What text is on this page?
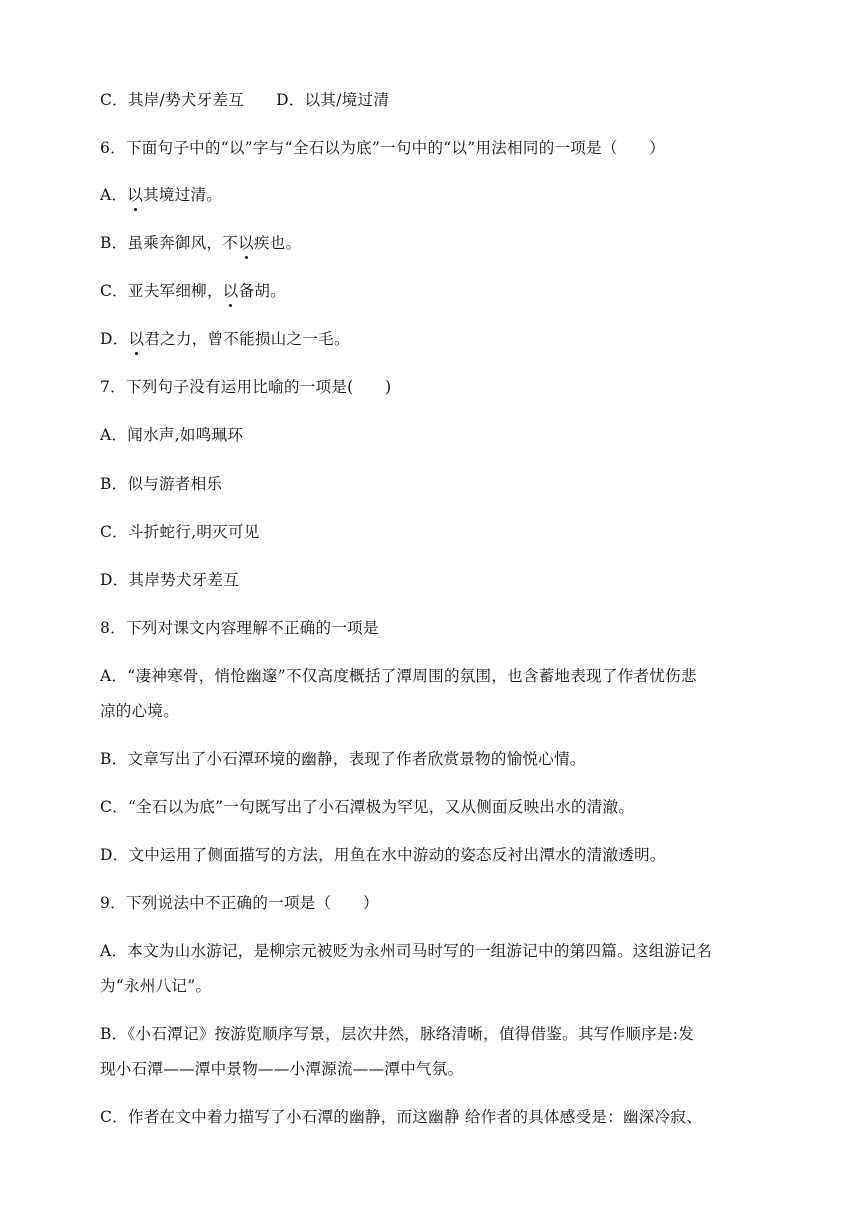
C．其岸/势犬牙差互 D．以其/境过清

6．下面句子中的“以”字与“全石以为底”一句中的“以”用法相同的一项是（　　）

A．以其境过清。

B．虽乘奔御风，不以疾也。

C．亚夫军细柳，以备胡。

D．以君之力，曾不能损山之一毛。

7．下列句子没有运用比喻的一项是(　　)

A．闻水声,如鸣珮环

B．似与游者相乐

C．斗折蛇行,明灭可见

D．其岸势犬牙差互

8．下列对课文内容理解不正确的一项是

A．“凄神寒骨，悄怆幽邃”不仅高度概括了潭周围的氛围，也含蓄地表现了作者忧伤悲

凉的心境。

B．文章写出了小石潭环境的幽静，表现了作者欣赏景物的愉悦心情。

C．“全石以为底”一句既写出了小石潭极为罕见，又从侧面反映出水的清澈。

D．文中运用了侧面描写的方法，用鱼在水中游动的姿态反衬出潭水的清澈透明。

9．下列说法中不正确的一项是（　　）

A．本文为山水游记，是柳宗元被贬为永州司马时写的一组游记中的第四篇。这组游记名

为“永州八记”。

B．《小石潭记》按游览顺序写景，层次井然，脉络清晰，值得借鉴。其写作顺序是:发

现小石潭——潭中景物——小潭源流——潭中气氛。

C．作者在文中着力描写了小石潭的幽静，而这幽静 给作者的具体感受是：幽深冷寂、
